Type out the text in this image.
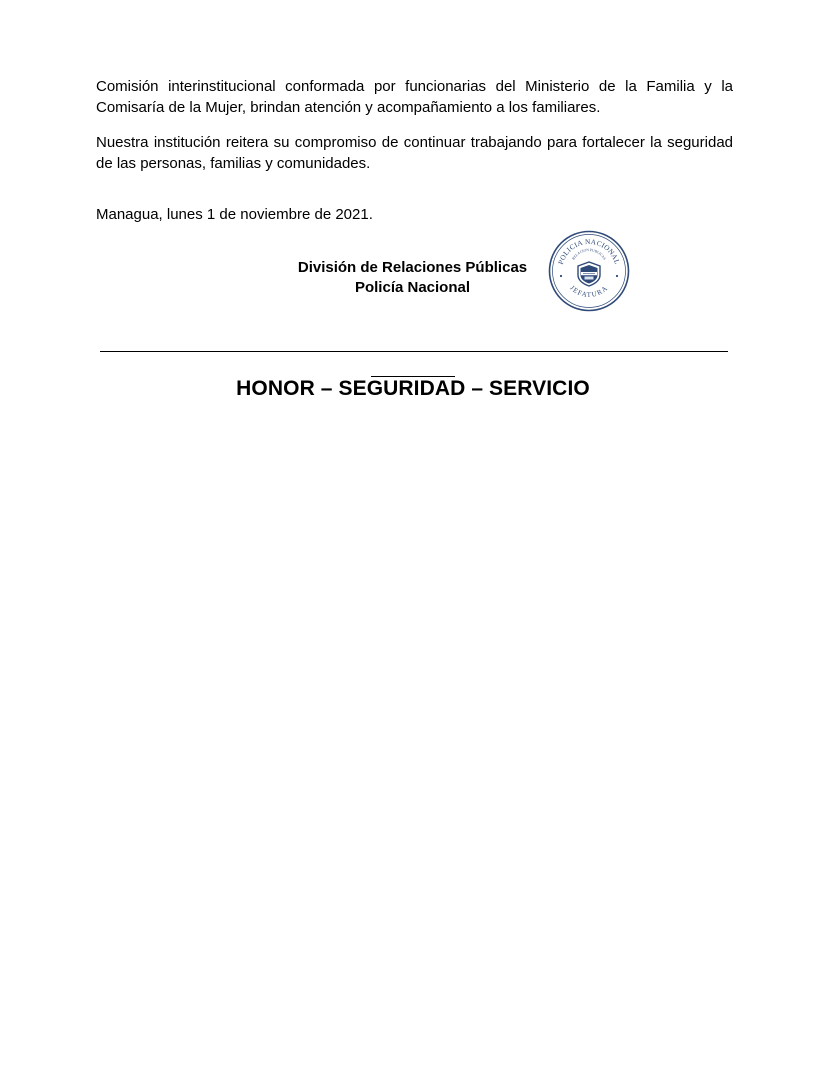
Comisión interinstitucional conformada por funcionarias del Ministerio de la Familia y la Comisaría de la Mujer, brindan atención y acompañamiento a los familiares.

Nuestra institución reitera su compromiso de continuar trabajando para fortalecer la seguridad de las personas, familias y comunidades.

Managua, lunes 1 de noviembre de 2021.

División de Relaciones Públicas
Policía Nacional
POLICIA NACIONAL
RELACION PUBLICAS
JEFATURA
HONOR – SEGURIDAD – SERVICIO
